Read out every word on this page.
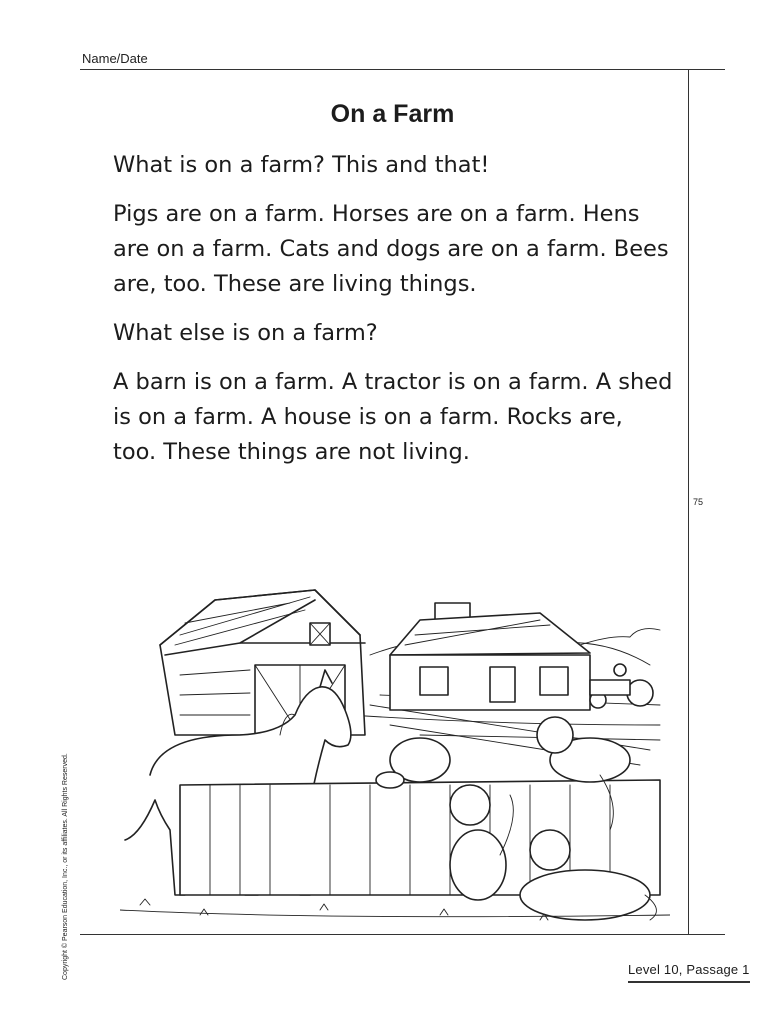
Name/Date
On a Farm

What is on a farm? This and that!

Pigs are on a farm. Horses are on a farm. Hens are on a farm. Cats and dogs are on a farm. Bees are, too. These are living things.

What else is on a farm?

A barn is on a farm. A tractor is on a farm. A shed is on a farm. A house is on a farm. Rocks are, too. These things are not living.

75
Copyright © Pearson Education, Inc., or its affiliates. All Rights Reserved.	Level 10, Passage 1
